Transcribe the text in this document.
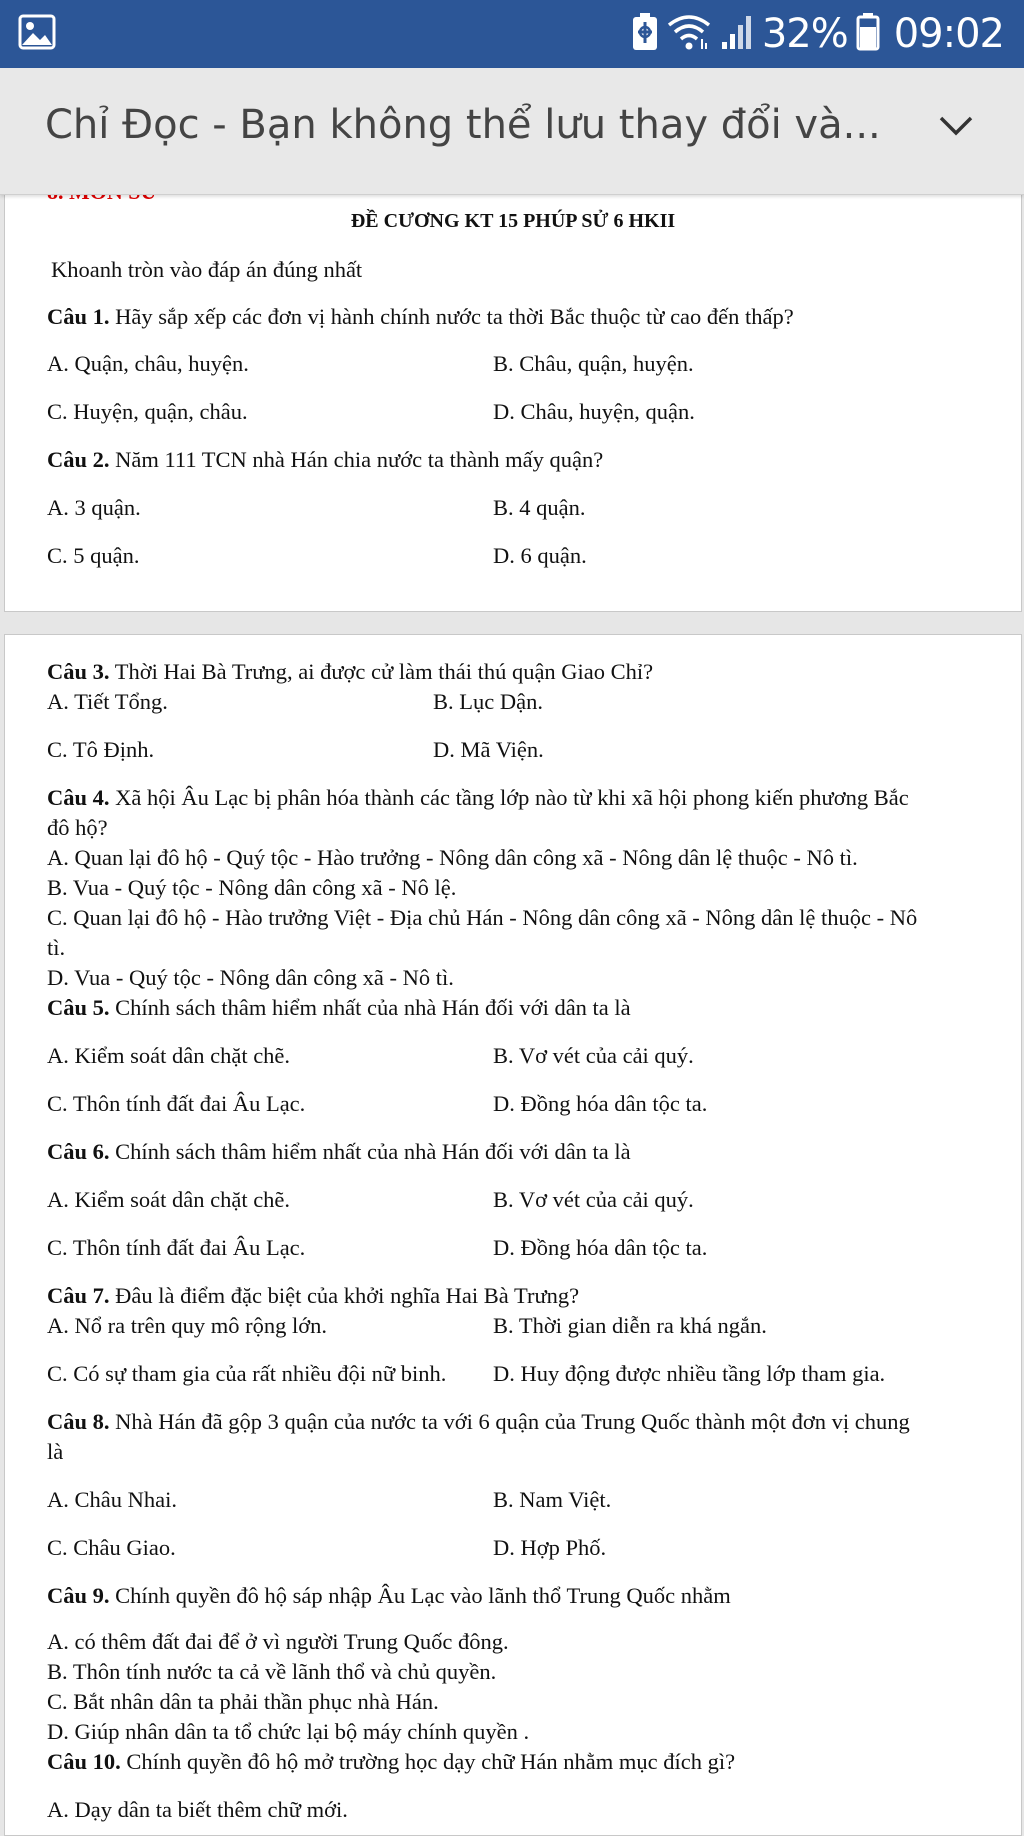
32% 09:02
Chỉ Đọc - Bạn không thể lưu thay đổi và...
ĐỀ CƯƠNG KT 15 PHÚP SỬ 6 HKII
Khoanh tròn vào đáp án đúng nhất
Câu 1. Hãy sắp xếp các đơn vị hành chính nước ta thời Bắc thuộc từ cao đến thấp?
A. Quận, châu, huyện.	B. Châu, quận, huyện.
C. Huyện, quận, châu.	D. Châu, huyện, quận.
Câu 2. Năm 111 TCN nhà Hán chia nước ta thành mấy quận?
A. 3 quận.	B. 4 quận.
C. 5 quận.	D. 6 quận.
Câu 3. Thời Hai Bà Trưng, ai được cử làm thái thú quận Giao Chỉ?
A. Tiết Tổng.	B. Lục Dận.
C. Tô Định.	D. Mã Viện.
Câu 4. Xã hội Âu Lạc bị phân hóa thành các tầng lớp nào từ khi xã hội phong kiến phương Bắc
đô hộ?
A. Quan lại đô hộ - Quý tộc - Hào trưởng - Nông dân công xã - Nông dân lệ thuộc - Nô tì.
B. Vua - Quý tộc - Nông dân công xã - Nô lệ.
C. Quan lại đô hộ - Hào trưởng Việt - Địa chủ Hán - Nông dân công xã - Nông dân lệ thuộc - Nô
tì.
D. Vua - Quý tộc - Nông dân công xã - Nô tì.
Câu 5. Chính sách thâm hiểm nhất của nhà Hán đối với dân ta là
A. Kiểm soát dân chặt chẽ.	B. Vơ vét của cải quý.
C. Thôn tính đất đai Âu Lạc.	D. Đồng hóa dân tộc ta.
Câu 6. Chính sách thâm hiểm nhất của nhà Hán đối với dân ta là
A. Kiểm soát dân chặt chẽ.	B. Vơ vét của cải quý.
C. Thôn tính đất đai Âu Lạc.	D. Đồng hóa dân tộc ta.
Câu 7. Đâu là điểm đặc biệt của khởi nghĩa Hai Bà Trưng?
A. Nổ ra trên quy mô rộng lớn.	B. Thời gian diễn ra khá ngắn.
C. Có sự tham gia của rất nhiều đội nữ binh. D. Huy động được nhiều tầng lớp tham gia.
Câu 8. Nhà Hán đã gộp 3 quận của nước ta với 6 quận của Trung Quốc thành một đơn vị chung
là
A. Châu Nhai.	B. Nam Việt.
C. Châu Giao.	D. Hợp Phố.
Câu 9. Chính quyền đô hộ sáp nhập Âu Lạc vào lãnh thổ Trung Quốc nhằm
A. có thêm đất đai để ở vì người Trung Quốc đông.
B. Thôn tính nước ta cả về lãnh thổ và chủ quyền.
C. Bắt nhân dân ta phải thần phục nhà Hán.
D. Giúp nhân dân ta tổ chức lại bộ máy chính quyền .
Câu 10. Chính quyền đô hộ mở trường học dạy chữ Hán nhằm mục đích gì?
A. Dạy dân ta biết thêm chữ mới.
